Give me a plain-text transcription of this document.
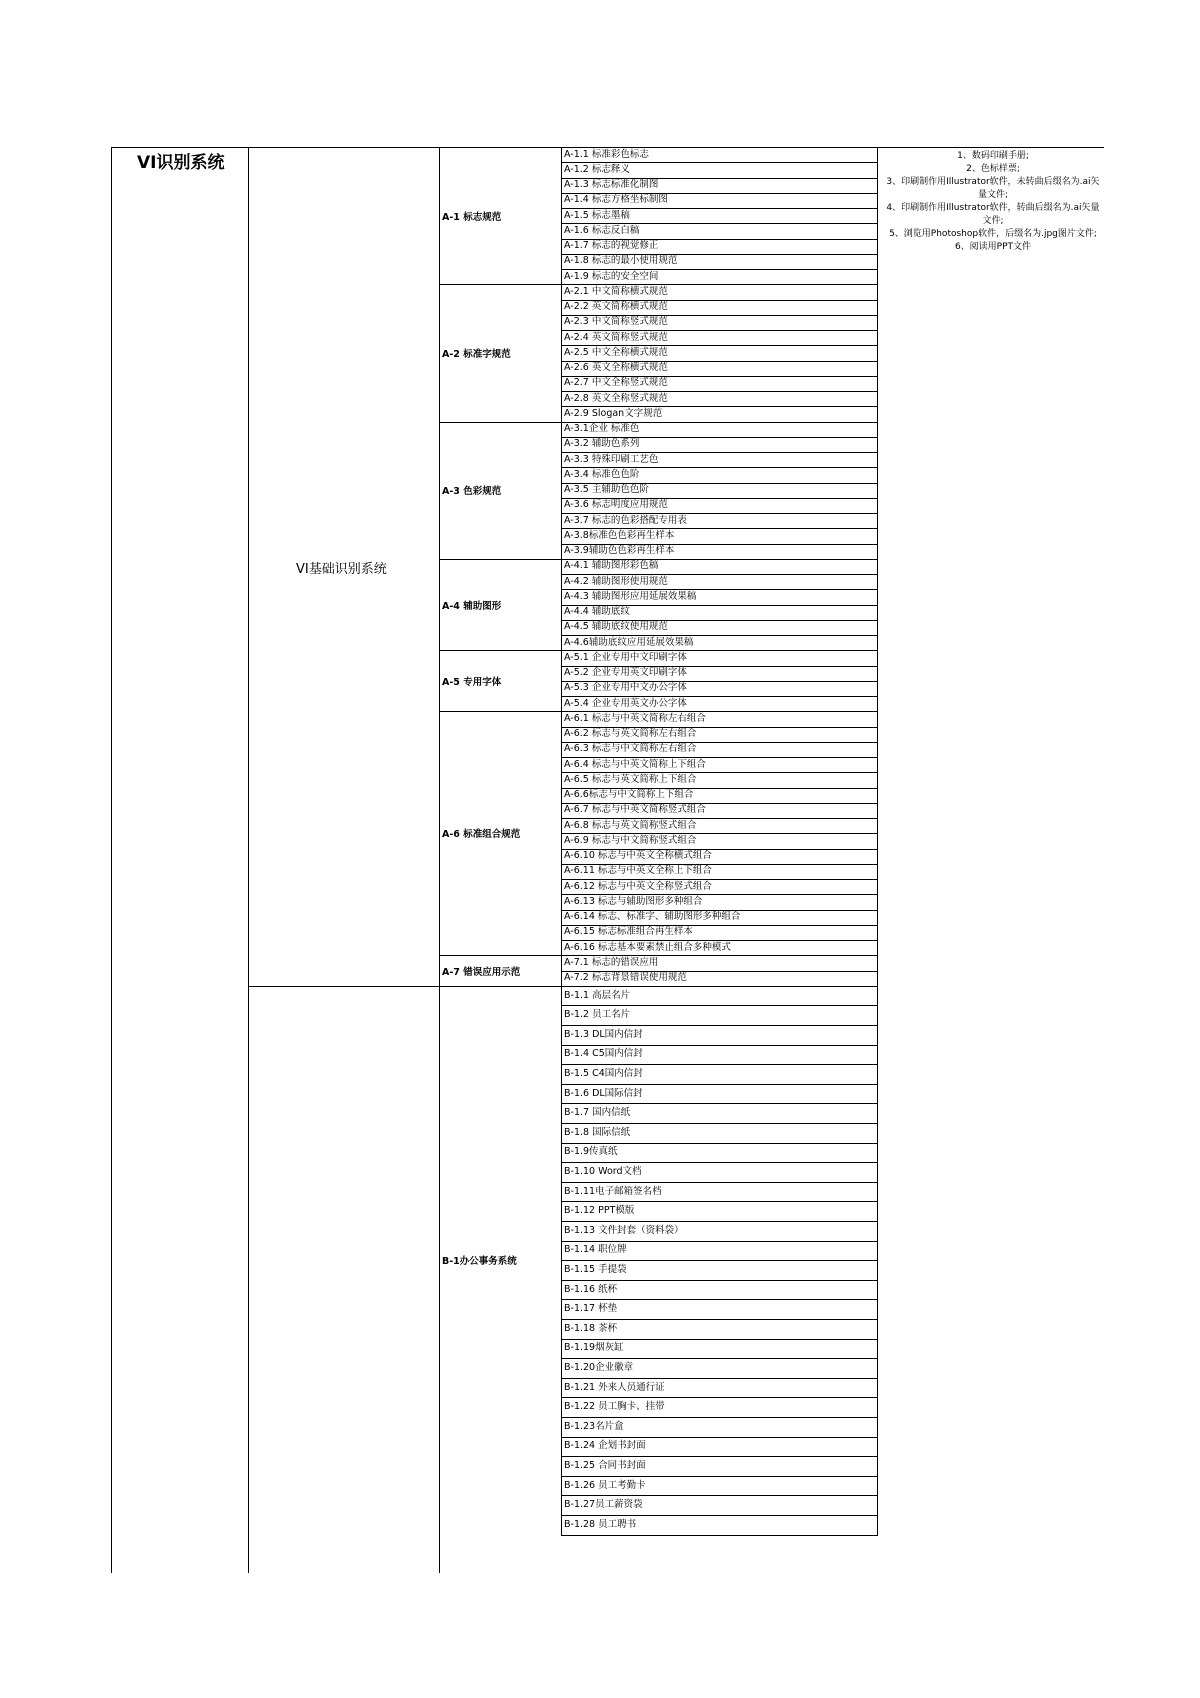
VI识别系统	1、数码印刷手册;
2、色标样票;
3、印刷制作用Illustrator软件，未转曲后缀名为.ai矢量文件;
4、印刷制作用Illustrator软件，转曲后缀名为.ai矢量文件;
5、浏览用Photoshop软件，后缀名为.jpg图片文件;
6、阅读用PPT文件
A-1.1 标准彩色标志
A-1.2 标志释义
A-1.3 标志标准化制图
A-1.4 标志方格坐标制图
A-1.5 标志墨稿
A-1.6 标志反白稿
A-1.7 标志的视觉修正
A-1.8 标志的最小使用规范
A-1.9 标志的安全空间
A-1 标志规范
A-2.1 中文简称横式规范
A-2.2 英文简称横式规范
A-2.3 中文简称竖式规范
A-2.4 英文简称竖式规范
A-2.5 中文全称横式规范
A-2.6 英文全称横式规范
A-2.7 中文全称竖式规范
A-2.8 英文全称竖式规范
A-2.9 Slogan文字规范
A-2 标准字规范
A-3.1企业 标准色
A-3.2 辅助色系列
A-3.3 特殊印刷工艺色
A-3.4 标准色色阶
A-3.5 主辅助色色阶
A-3.6 标志明度应用规范
A-3.7 标志的色彩搭配专用表
A-3.8标准色色彩再生样本
A-3.9辅助色色彩再生样本
A-3 色彩规范
A-4.1 辅助图形彩色稿
A-4.2 辅助图形使用规范
A-4.3 辅助图形应用延展效果稿
A-4.4 辅助底纹
A-4.5 辅助底纹使用规范
A-4.6辅助底纹应用延展效果稿
A-4 辅助图形
A-5.1 企业专用中文印刷字体
A-5.2 企业专用英文印刷字体
A-5.3 企业专用中文办公字体
A-5.4 企业专用英文办公字体
A-5 专用字体
A-6.1 标志与中英文简称左右组合
A-6.2 标志与英文简称左右组合
A-6.3 标志与中文简称左右组合
A-6.4 标志与中英文简称上下组合
A-6.5 标志与英文简称上下组合
A-6.6标志与中文简称上下组合
A-6.7 标志与中英文简称竖式组合
A-6.8 标志与英文简称竖式组合
A-6.9 标志与中文简称竖式组合
A-6.10 标志与中英文全称横式组合
A-6.11 标志与中英文全称上下组合
A-6.12 标志与中英文全称竖式组合
A-6.13 标志与辅助图形多种组合
A-6.14 标志、标准字、辅助图形多种组合
A-6.15 标志标准组合再生样本
A-6.16 标志基本要素禁止组合多种模式
A-6 标准组合规范
A-7.1 标志的错误应用
A-7.2 标志背景错误使用规范
A-7 错误应用示范
B-1.1 高层名片
B-1.2 员工名片
B-1.3 DL国内信封
B-1.4 C5国内信封
B-1.5 C4国内信封
B-1.6 DL国际信封
B-1.7 国内信纸
B-1.8 国际信纸
B-1.9传真纸
B-1.10 Word文档
B-1.11电子邮箱签名档
B-1.12 PPT模版
B-1.13 文件封套（资料袋）
B-1.14 职位牌
B-1.15 手提袋
B-1.16 纸杯
B-1.17 杯垫
B-1.18 茶杯
B-1.19烟灰缸
B-1.20企业徽章
B-1.21 外来人员通行证
B-1.22 员工胸卡、挂带
B-1.23名片盒
B-1.24 企划书封面
B-1.25 合同书封面
B-1.26 员工考勤卡
B-1.27员工薪资袋
B-1.28 员工聘书
B-1办公事务系统
VI基础识别系统
